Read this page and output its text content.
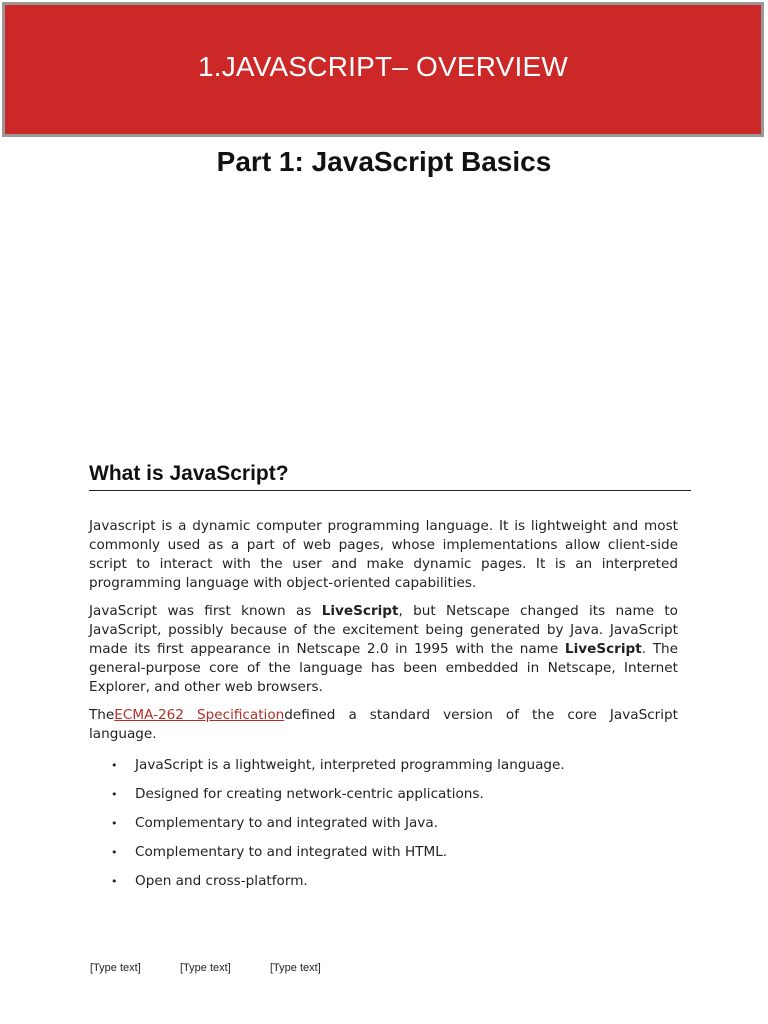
1.JAVASCRIPT– OVERVIEW
Part 1: JavaScript Basics
What is JavaScript?

Javascript is a dynamic computer programming language. It is lightweight and most commonly used as a part of web pages, whose implementations allow client-side script to interact with the user and make dynamic pages. It is an interpreted programming language with object-oriented capabilities.

JavaScript was first known as LiveScript, but Netscape changed its name to JavaScript, possibly because of the excitement being generated by Java. JavaScript made its first appearance in Netscape 2.0 in 1995 with the name LiveScript. The general-purpose core of the language has been embedded in Netscape, Internet Explorer, and other web browsers.

TheECMA-262 Specificationdefined a standard version of the core JavaScript language.

• JavaScript is a lightweight, interpreted programming language.
• Designed for creating network-centric applications.
• Complementary to and integrated with Java.
• Complementary to and integrated with HTML.
• Open and cross-platform.
[Type text]	[Type text]	[Type text]
